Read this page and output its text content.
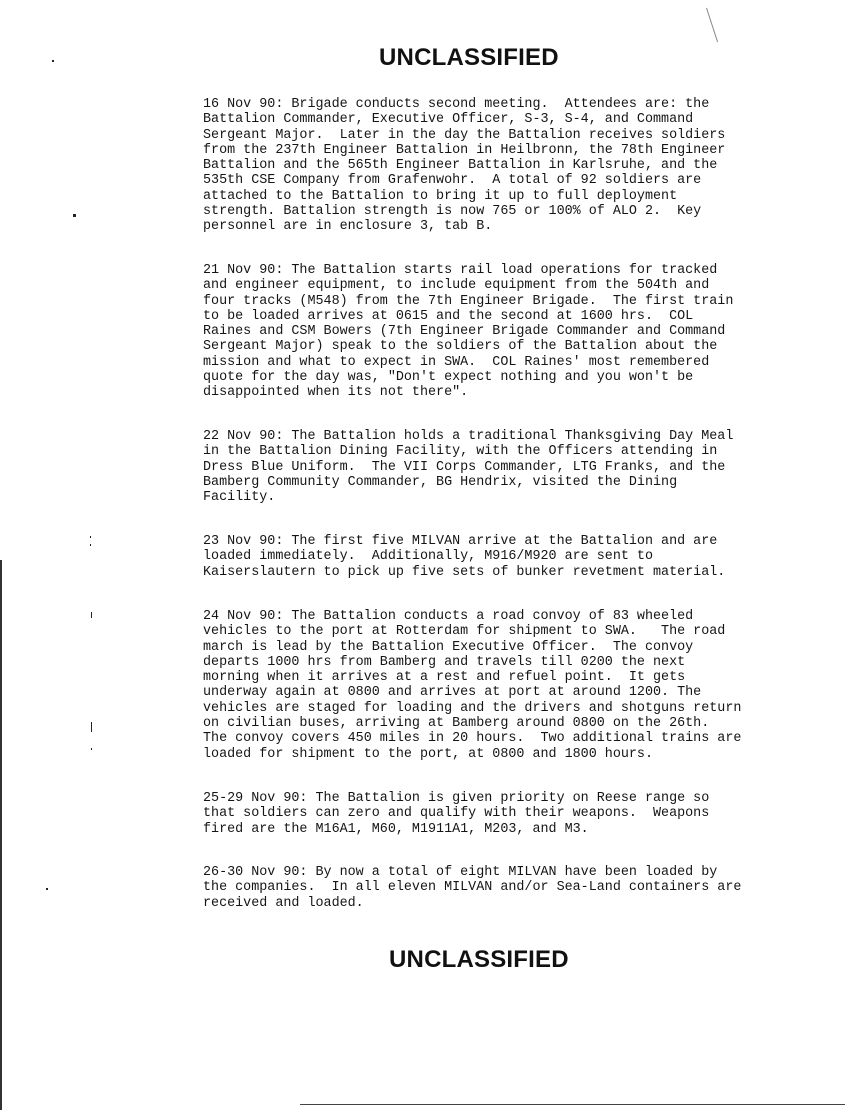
UNCLASSIFIED

16 Nov 90: Brigade conducts second meeting.  Attendees are: the
Battalion Commander, Executive Officer, S-3, S-4, and Command
Sergeant Major.  Later in the day the Battalion receives soldiers
from the 237th Engineer Battalion in Heilbronn, the 78th Engineer
Battalion and the 565th Engineer Battalion in Karlsruhe, and the
535th CSE Company from Grafenwohr.  A total of 92 soldiers are
attached to the Battalion to bring it up to full deployment
strength. Battalion strength is now 765 or 100% of ALO 2.  Key
personnel are in enclosure 3, tab B.

21 Nov 90: The Battalion starts rail load operations for tracked
and engineer equipment, to include equipment from the 504th and
four tracks (M548) from the 7th Engineer Brigade.  The first train
to be loaded arrives at 0615 and the second at 1600 hrs.  COL
Raines and CSM Bowers (7th Engineer Brigade Commander and Command
Sergeant Major) speak to the soldiers of the Battalion about the
mission and what to expect in SWA.  COL Raines' most remembered
quote for the day was, "Don't expect nothing and you won't be
disappointed when its not there".

22 Nov 90: The Battalion holds a traditional Thanksgiving Day Meal
in the Battalion Dining Facility, with the Officers attending in
Dress Blue Uniform.  The VII Corps Commander, LTG Franks, and the
Bamberg Community Commander, BG Hendrix, visited the Dining
Facility.

23 Nov 90: The first five MILVAN arrive at the Battalion and are
loaded immediately.  Additionally, M916/M920 are sent to
Kaiserslautern to pick up five sets of bunker revetment material.

24 Nov 90: The Battalion conducts a road convoy of 83 wheeled
vehicles to the port at Rotterdam for shipment to SWA.   The road
march is lead by the Battalion Executive Officer.  The convoy
departs 1000 hrs from Bamberg and travels till 0200 the next
morning when it arrives at a rest and refuel point.  It gets
underway again at 0800 and arrives at port at around 1200. The
vehicles are staged for loading and the drivers and shotguns return
on civilian buses, arriving at Bamberg around 0800 on the 26th.
The convoy covers 450 miles in 20 hours.  Two additional trains are
loaded for shipment to the port, at 0800 and 1800 hours.

25-29 Nov 90: The Battalion is given priority on Reese range so
that soldiers can zero and qualify with their weapons.  Weapons
fired are the M16A1, M60, M1911A1, M203, and M3.

26-30 Nov 90: By now a total of eight MILVAN have been loaded by
the companies.  In all eleven MILVAN and/or Sea-Land containers are
received and loaded.

UNCLASSIFIED
